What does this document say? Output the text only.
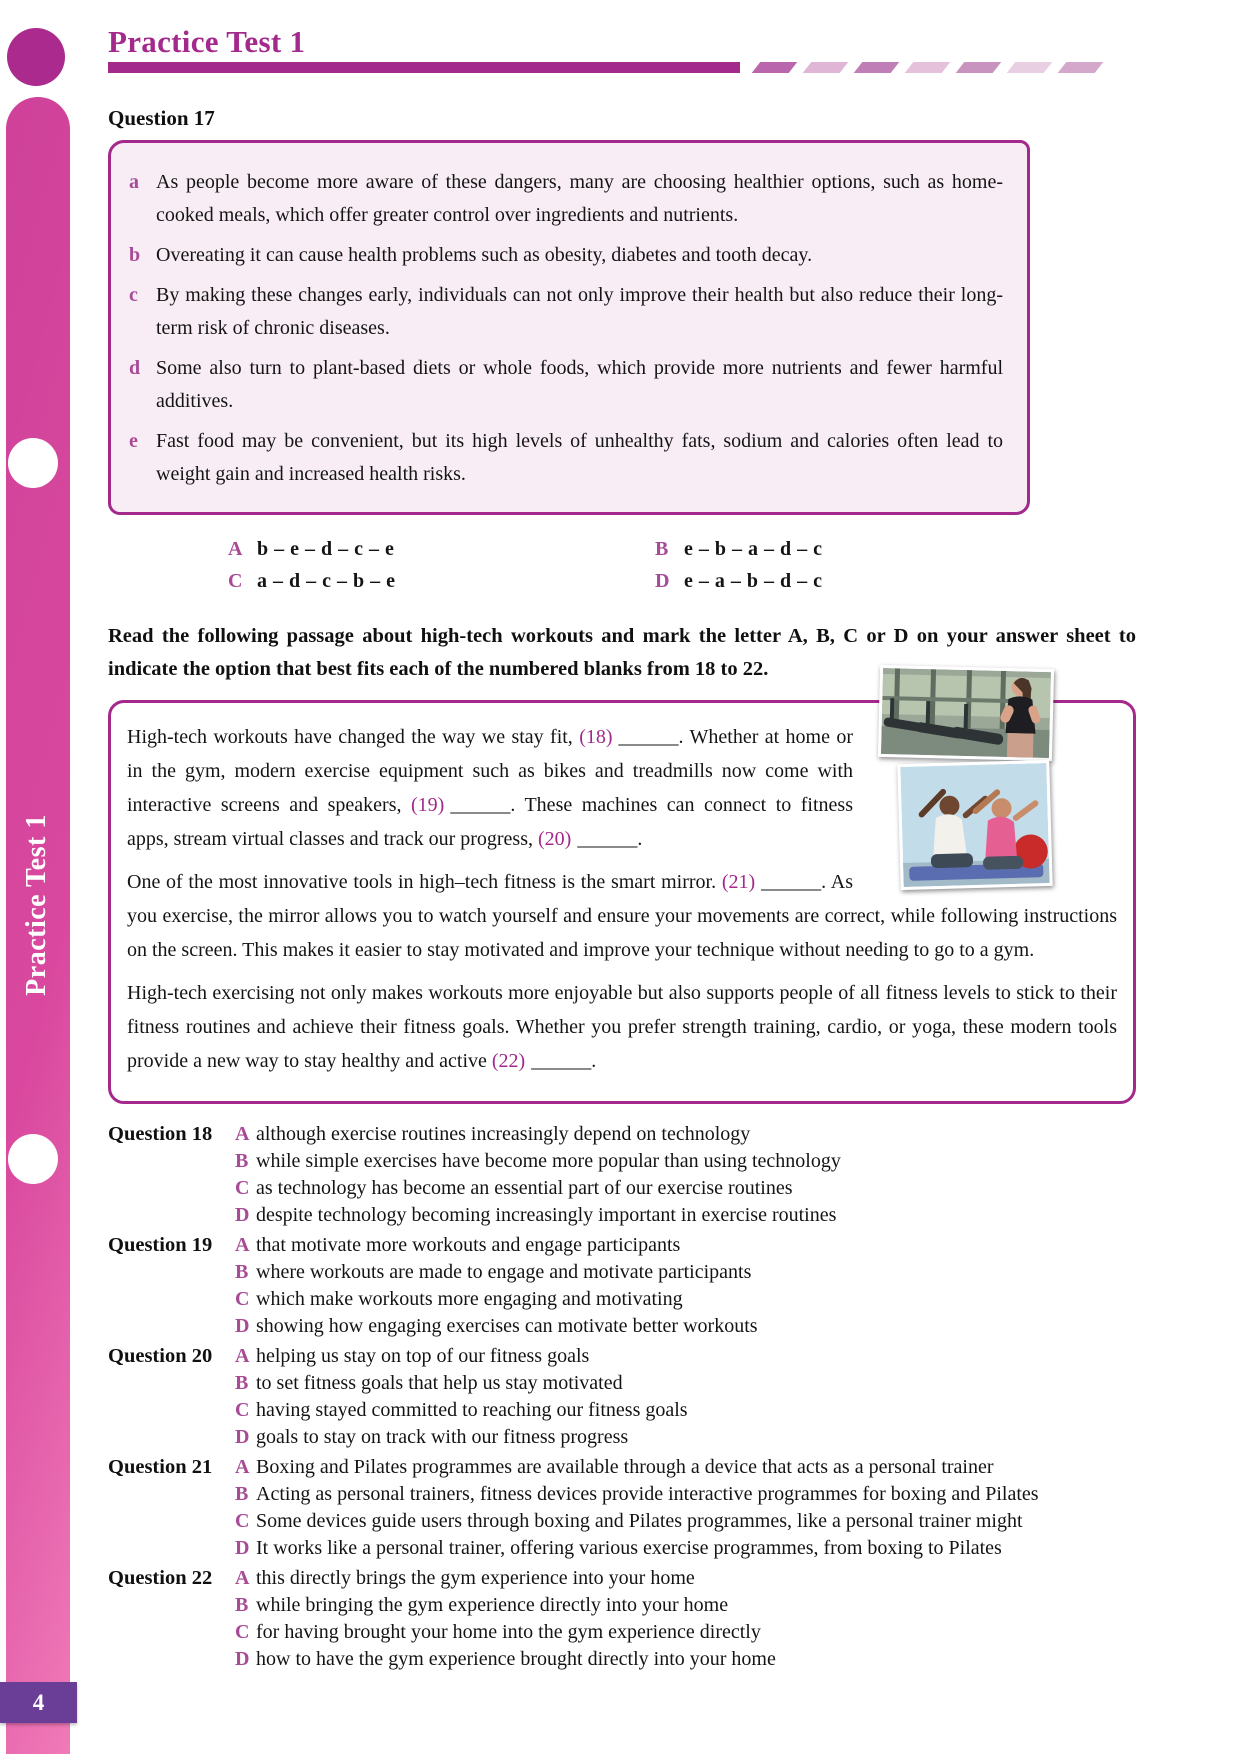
Practice Test 1
4
Practice Test 1
Question 17
a As people become more aware of these dangers, many are choosing healthier options, such as home-cooked meals, which offer greater control over ingredients and nutrients.
b Overeating it can cause health problems such as obesity, diabetes and tooth decay.
c By making these changes early, individuals can not only improve their health but also reduce their long-term risk of chronic diseases.
d Some also turn to plant-based diets or whole foods, which provide more nutrients and fewer harmful additives.
e Fast food may be convenient, but its high levels of unhealthy fats, sodium and calories often lead to weight gain and increased health risks.
A b – e – d – c – e	B e – b – a – d – c
C a – d – c – b – e	D e – a – b – d – c

Read the following passage about high-tech workouts and mark the letter A, B, C or D on your answer sheet to indicate the option that best fits each of the numbered blanks from 18 to 22.

High-tech workouts have changed the way we stay fit, (18) ______. Whether at home or in the gym, modern exercise equipment such as bikes and treadmills now come with interactive screens and speakers, (19) ______. These machines can connect to fitness apps, stream virtual classes and track our progress, (20) ______.

One of the most innovative tools in high–tech fitness is the smart mirror. (21) ______. As you exercise, the mirror allows you to watch yourself and ensure your movements are correct, while following instructions on the screen. This makes it easier to stay motivated and improve your technique without needing to go to a gym.

High-tech exercising not only makes workouts more enjoyable but also supports people of all fitness levels to stick to their fitness routines and achieve their fitness goals. Whether you prefer strength training, cardio, or yoga, these modern tools provide a new way to stay healthy and active (22) ______.

Question 18	A although exercise routines increasingly depend on technology
B while simple exercises have become more popular than using technology
C as technology has become an essential part of our exercise routines
D despite technology becoming increasingly important in exercise routines
Question 19	A that motivate more workouts and engage participants
B where workouts are made to engage and motivate participants
C which make workouts more engaging and motivating
D showing how engaging exercises can motivate better workouts
Question 20	A helping us stay on top of our fitness goals
B to set fitness goals that help us stay motivated
C having stayed committed to reaching our fitness goals
D goals to stay on track with our fitness progress
Question 21	A Boxing and Pilates programmes are available through a device that acts as a personal trainer
B Acting as personal trainers, fitness devices provide interactive programmes for boxing and Pilates
C Some devices guide users through boxing and Pilates programmes, like a personal trainer might
D It works like a personal trainer, offering various exercise programmes, from boxing to Pilates
Question 22	A this directly brings the gym experience into your home
B while bringing the gym experience directly into your home
C for having brought your home into the gym experience directly
D how to have the gym experience brought directly into your home
